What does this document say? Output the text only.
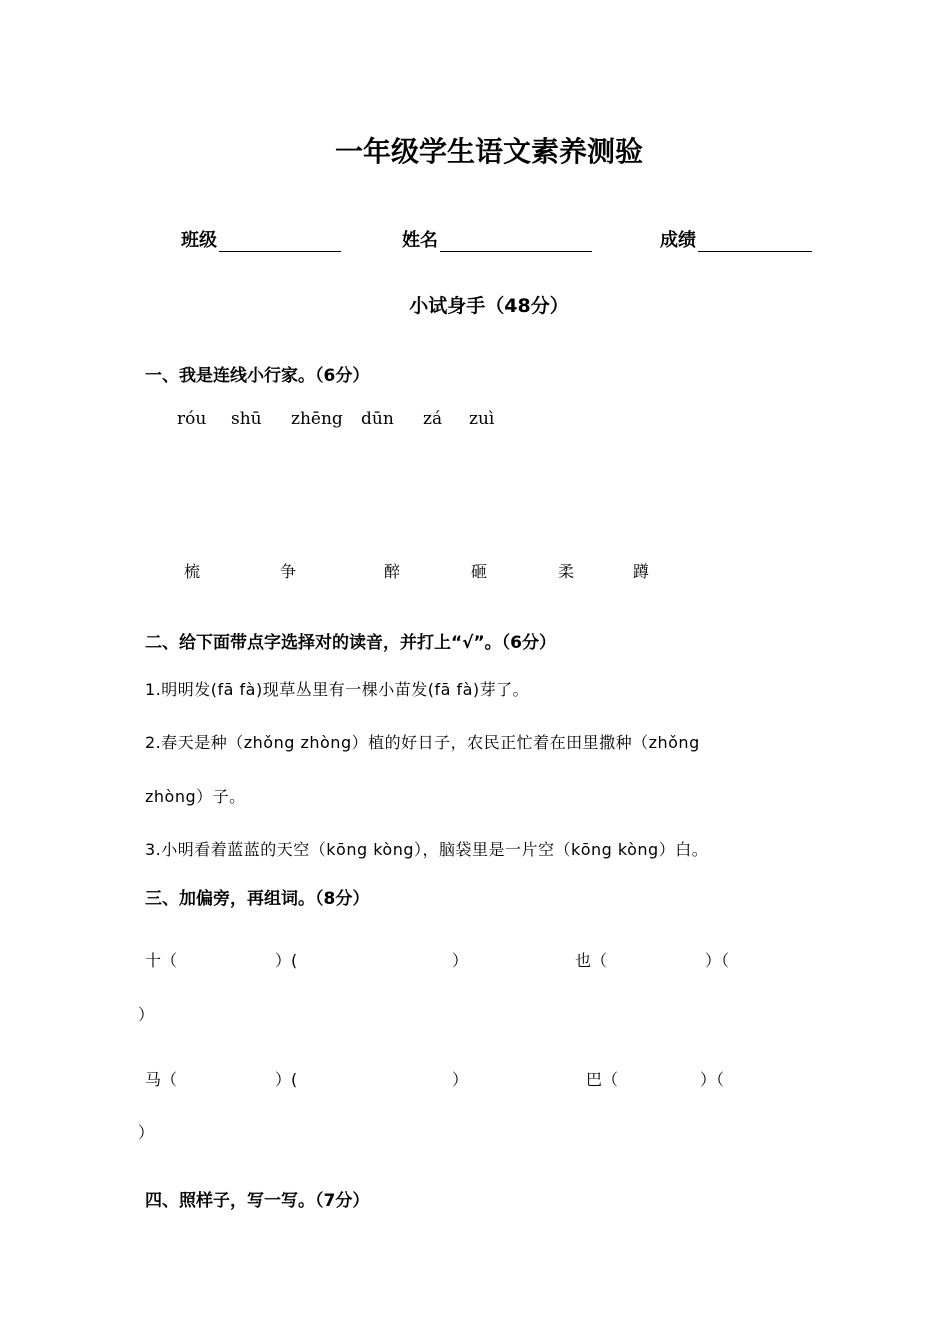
一年级学生语文素养测验
班级	姓名	成绩
小试身手（48分）
一、我是连线小行家。（6分）
róu shū zhēng dūn zá zuì
梳	争	醉	砸	柔	蹲
二、给下面带点字选择对的读音，并打上“√”。（6分）
1.明明发(fā fà)现草丛里有一棵小苗发(fā fà)芽了。
2.春天是种（zhǒng zhòng）植的好日子，农民正忙着在田里撒种（zhǒng
zhòng）子。
3.小明看着蓝蓝的天空（kōng kòng），脑袋里是一片空（kōng kòng）白。
三、加偏旁，再组词。（8分）
十（	）(	）	也（	）（
）
马（	）(	）	巴（	）（
）
四、照样子，写一写。（7分）
